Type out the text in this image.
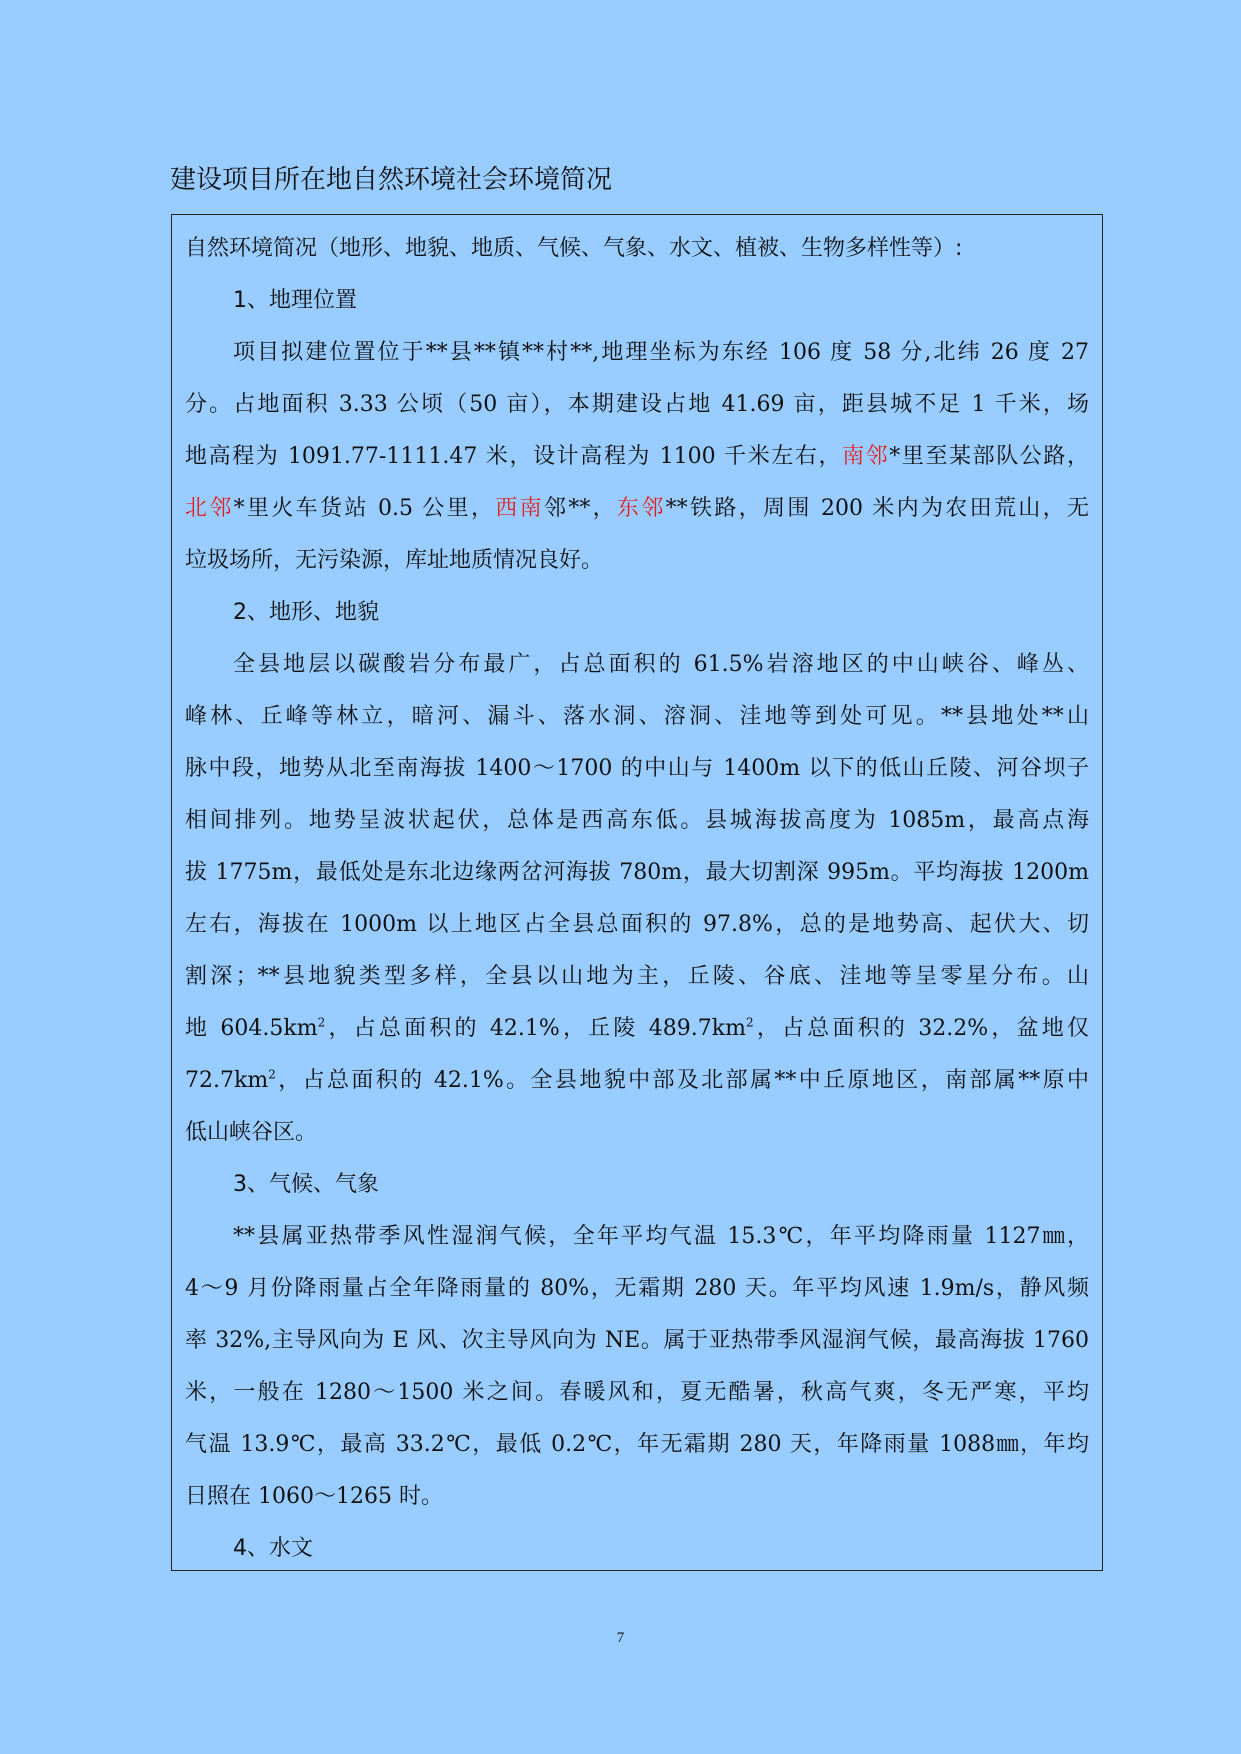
建设项目所在地自然环境社会环境简况
自然环境简况（地形、地貌、地质、气候、气象、水文、植被、生物多样性等）:
1、地理位置
项目拟建位置位于**县**镇**村**,地理坐标为东经 106 度 58 分,北纬 26 度 27
分。占地面积 3.33 公顷（50 亩），本期建设占地 41.69 亩，距县城不足 1 千米，场
地高程为 1091.77-1111.47 米，设计高程为 1100 千米左右，南邻*里至某部队公路，
北邻*里火车货站 0.5 公里，西南邻**，东邻**铁路，周围 200 米内为农田荒山，无
垃圾场所，无污染源，库址地质情况良好。
2、地形、地貌
全县地层以碳酸岩分布最广，占总面积的 61.5%岩溶地区的中山峡谷、峰丛、
峰林、丘峰等林立，暗河、漏斗、落水洞、溶洞、洼地等到处可见。**县地处**山
脉中段，地势从北至南海拔 1400～1700 的中山与 1400m 以下的低山丘陵、河谷坝子
相间排列。地势呈波状起伏，总体是西高东低。县城海拔高度为 1085m，最高点海
拔 1775m，最低处是东北边缘两岔河海拔 780m，最大切割深 995m。平均海拔 1200m
左右，海拔在 1000m 以上地区占全县总面积的 97.8%，总的是地势高、起伏大、切
割深；**县地貌类型多样，全县以山地为主，丘陵、谷底、洼地等呈零星分布。山
地 $604.5km^2$，占总面积的 42.1%，丘陵 $489.7km^2$，占总面积的 32.2%，盆地仅
$72.7km^2$，占总面积的 42.1%。全县地貌中部及北部属**中丘原地区，南部属**原中
低山峡谷区。
3、气候、气象
**县属亚热带季风性湿润气候，全年平均气温 15.3℃，年平均降雨量 1127㎜，
4～9 月份降雨量占全年降雨量的 80%，无霜期 280 天。年平均风速 1.9m/s，静风频
率 32%,主导风向为 E 风、次主导风向为 NE。属于亚热带季风湿润气候，最高海拔 1760
米，一般在 1280～1500 米之间。春暖风和，夏无酷暑，秋高气爽，冬无严寒，平均
气温 13.9℃，最高 33.2℃，最低 0.2℃，年无霜期 280 天，年降雨量 1088㎜，年均
日照在 1060～1265 时。
4、水文
7
